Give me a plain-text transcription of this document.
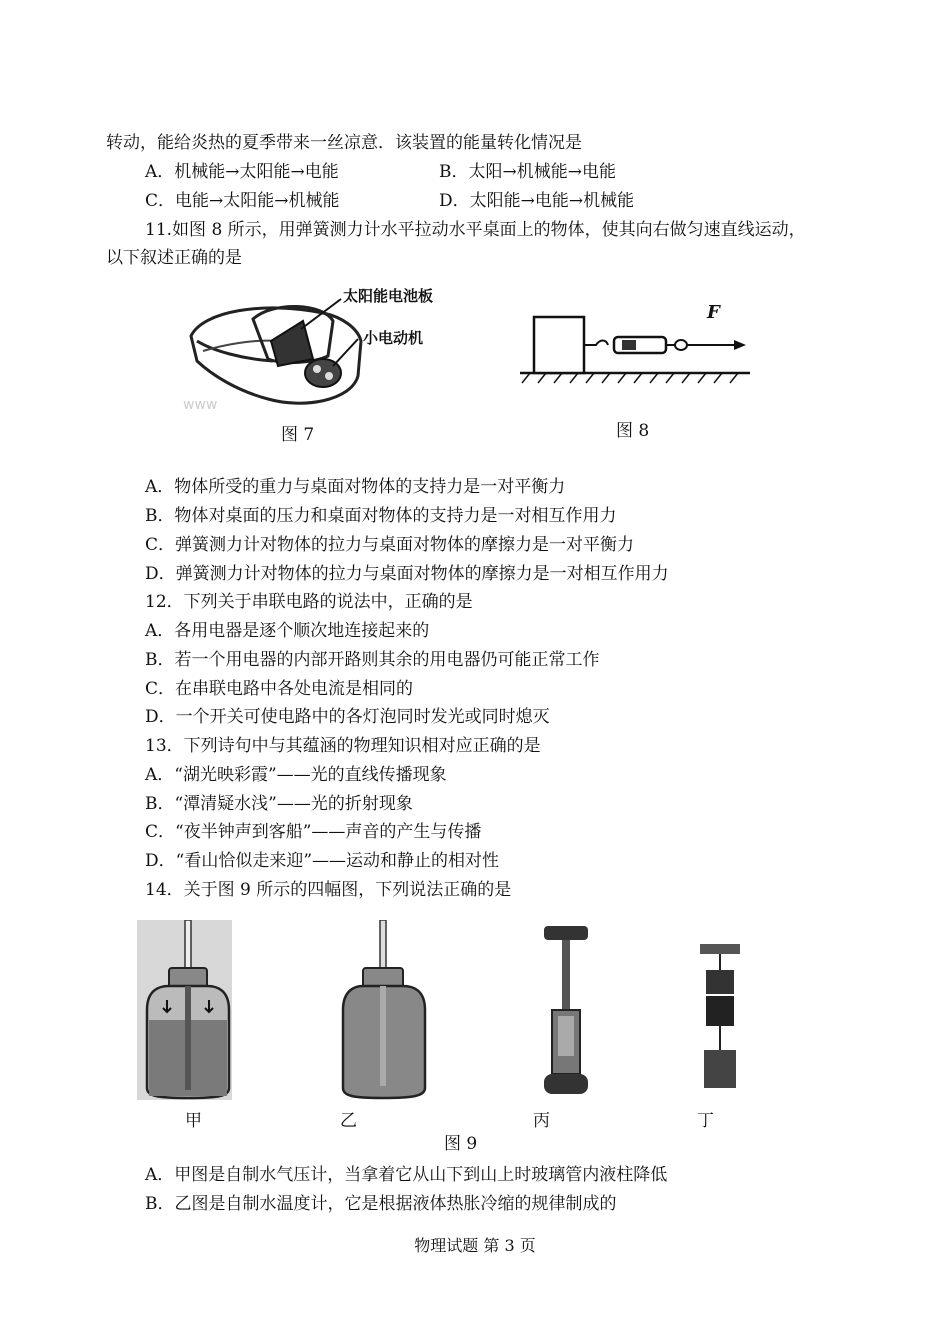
转动，能给炎热的夏季带来一丝凉意．该装置的能量转化情况是
A．机械能→太阳能→电能	B．太阳→机械能→电能
C．电能→太阳能→机械能	D．太阳能→电能→机械能
11.如图 8 所示，用弹簧测力计水平拉动水平桌面上的物体，使其向右做匀速直线运动，
以下叙述正确的是
www
太阳能电池板
小电动机
图 7
F
图 8
A．物体所受的重力与桌面对物体的支持力是一对平衡力
B．物体对桌面的压力和桌面对物体的支持力是一对相互作用力
C．弹簧测力计对物体的拉力与桌面对物体的摩擦力是一对平衡力
D．弹簧测力计对物体的拉力与桌面对物体的摩擦力是一对相互作用力
12．下列关于串联电路的说法中，正确的是
A．各用电器是逐个顺次地连接起来的
B．若一个用电器的内部开路则其余的用电器仍可能正常工作
C．在串联电路中各处电流是相同的
D．一个开关可使电路中的各灯泡同时发光或同时熄灭
13．下列诗句中与其蕴涵的物理知识相对应正确的是
A．“湖光映彩霞”——光的直线传播现象
B．“潭清疑水浅”——光的折射现象
C．“夜半钟声到客船”——声音的产生与传播
D．“看山恰似走来迎”——运动和静止的相对性
14．关于图 9 所示的四幅图，下列说法正确的是
甲	乙	丙	丁
图 9
A．甲图是自制水气压计，当拿着它从山下到山上时玻璃管内液柱降低
B．乙图是自制水温度计，它是根据液体热胀冷缩的规律制成的
物理试题 第 3 页
